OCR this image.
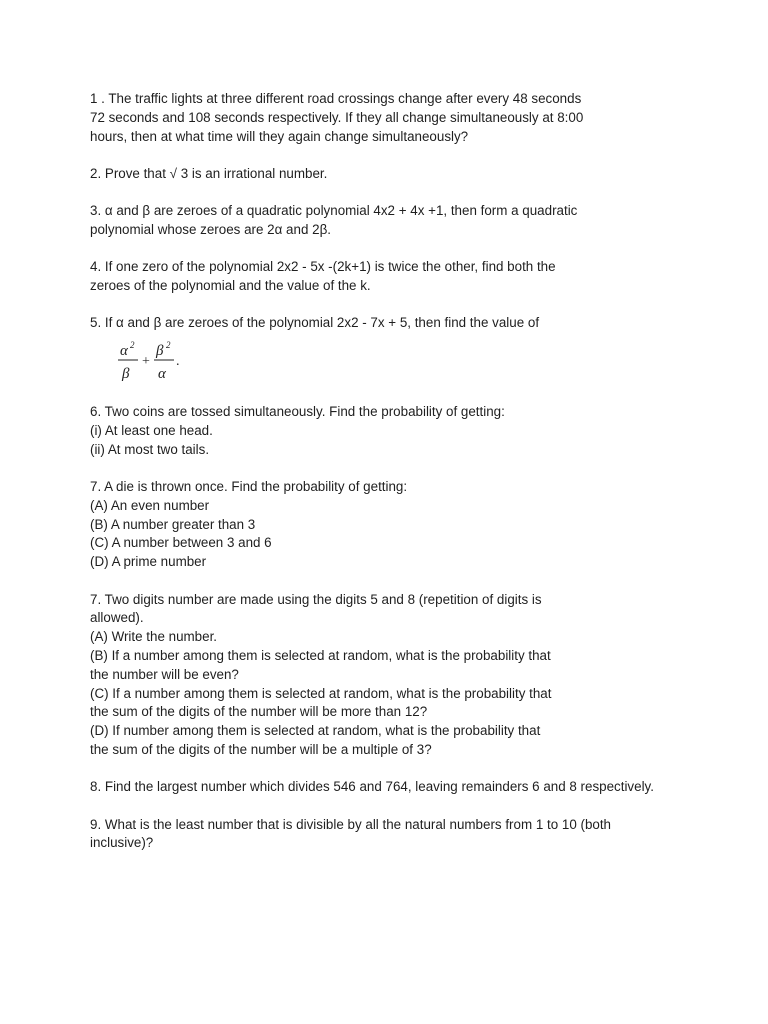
1 . The traffic lights at three different road crossings change after every 48 seconds
72 seconds and 108 seconds respectively. If they all change simultaneously at 8:00
hours, then at what time will they again change simultaneously?
2. Prove that √ 3 is an irrational number.
3. α and β are zeroes of a quadratic polynomial 4x2 + 4x +1, then form a quadratic
polynomial whose zeroes are 2α and 2β.
4. If one zero of the polynomial 2x2 - 5x -(2k+1) is twice the other, find both the
zeroes of the polynomial and the value of the k.
5. If α and β are zeroes of the polynomial 2x2 - 7x + 5, then find the value of
α 2
β
+
β 2
α
.
6. Two coins are tossed simultaneously. Find the probability of getting:
(i) At least one head.
(ii) At most two tails.
7. A die is thrown once. Find the probability of getting:
(A) An even number
(B) A number greater than 3
(C) A number between 3 and 6
(D) A prime number
7. Two digits number are made using the digits 5 and 8 (repetition of digits is
allowed).
(A) Write the number.
(B) If a number among them is selected at random, what is the probability that
the number will be even?
(C) If a number among them is selected at random, what is the probability that
the sum of the digits of the number will be more than 12?
(D) If number among them is selected at random, what is the probability that
the sum of the digits of the number will be a multiple of 3?
8. Find the largest number which divides 546 and 764, leaving remainders 6 and 8 respectively.
9. What is the least number that is divisible by all the natural numbers from 1 to 10 (both
inclusive)?
